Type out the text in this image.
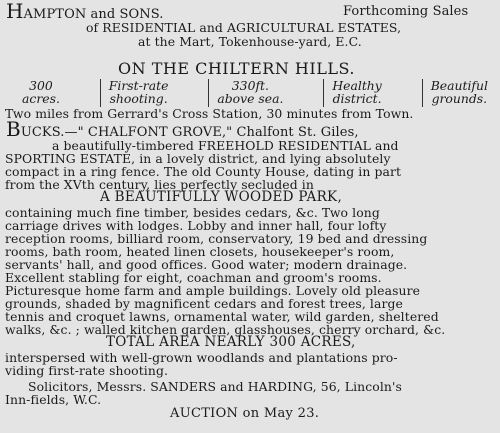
HAMPTON and SONS.	Forthcoming Sales
of RESIDENTIAL and AGRICULTURAL ESTATES,
at the Mart, Tokenhouse-yard, E.C.
ON THE CHILTERN HILLS.
300
acres.
First-rate
shooting.
330ft.
above sea.
Healthy
district.
Beautiful
grounds.
Two miles from Gerrard's Cross Station, 30 minutes from Town.
BUCKS.—" CHALFONT GROVE," Chalfont St. Giles,
a beautifully-timbered FREEHOLD RESIDENTIAL and
SPORTING ESTATE, in a lovely district, and lying absolutely
compact in a ring fence. The old County House, dating in part
from the XVth century, lies perfectly secluded in
A BEAUTIFULLY WOODED PARK,
containing much fine timber, besides cedars, &c. Two long
carriage drives with lodges. Lobby and inner hall, four lofty
reception rooms, billiard room, conservatory, 19 bed and dressing
rooms, bath room, heated linen closets, housekeeper's room,
servants' hall, and good offices. Good water; modern drainage.
Excellent stabling for eight, coachman and groom's rooms.
Picturesque home farm and ample buildings. Lovely old pleasure
grounds, shaded by magnificent cedars and forest trees, large
tennis and croquet lawns, ornamental water, wild garden, sheltered
walks, &c. ; walled kitchen garden, glasshouses, cherry orchard, &c.
TOTAL AREA NEARLY 300 ACRES,
interspersed with well-grown woodlands and plantations pro-
viding first-rate shooting.
Solicitors, Messrs. SANDERS and HARDING, 56, Lincoln's
Inn-fields, W.C.
AUCTION on May 23.
